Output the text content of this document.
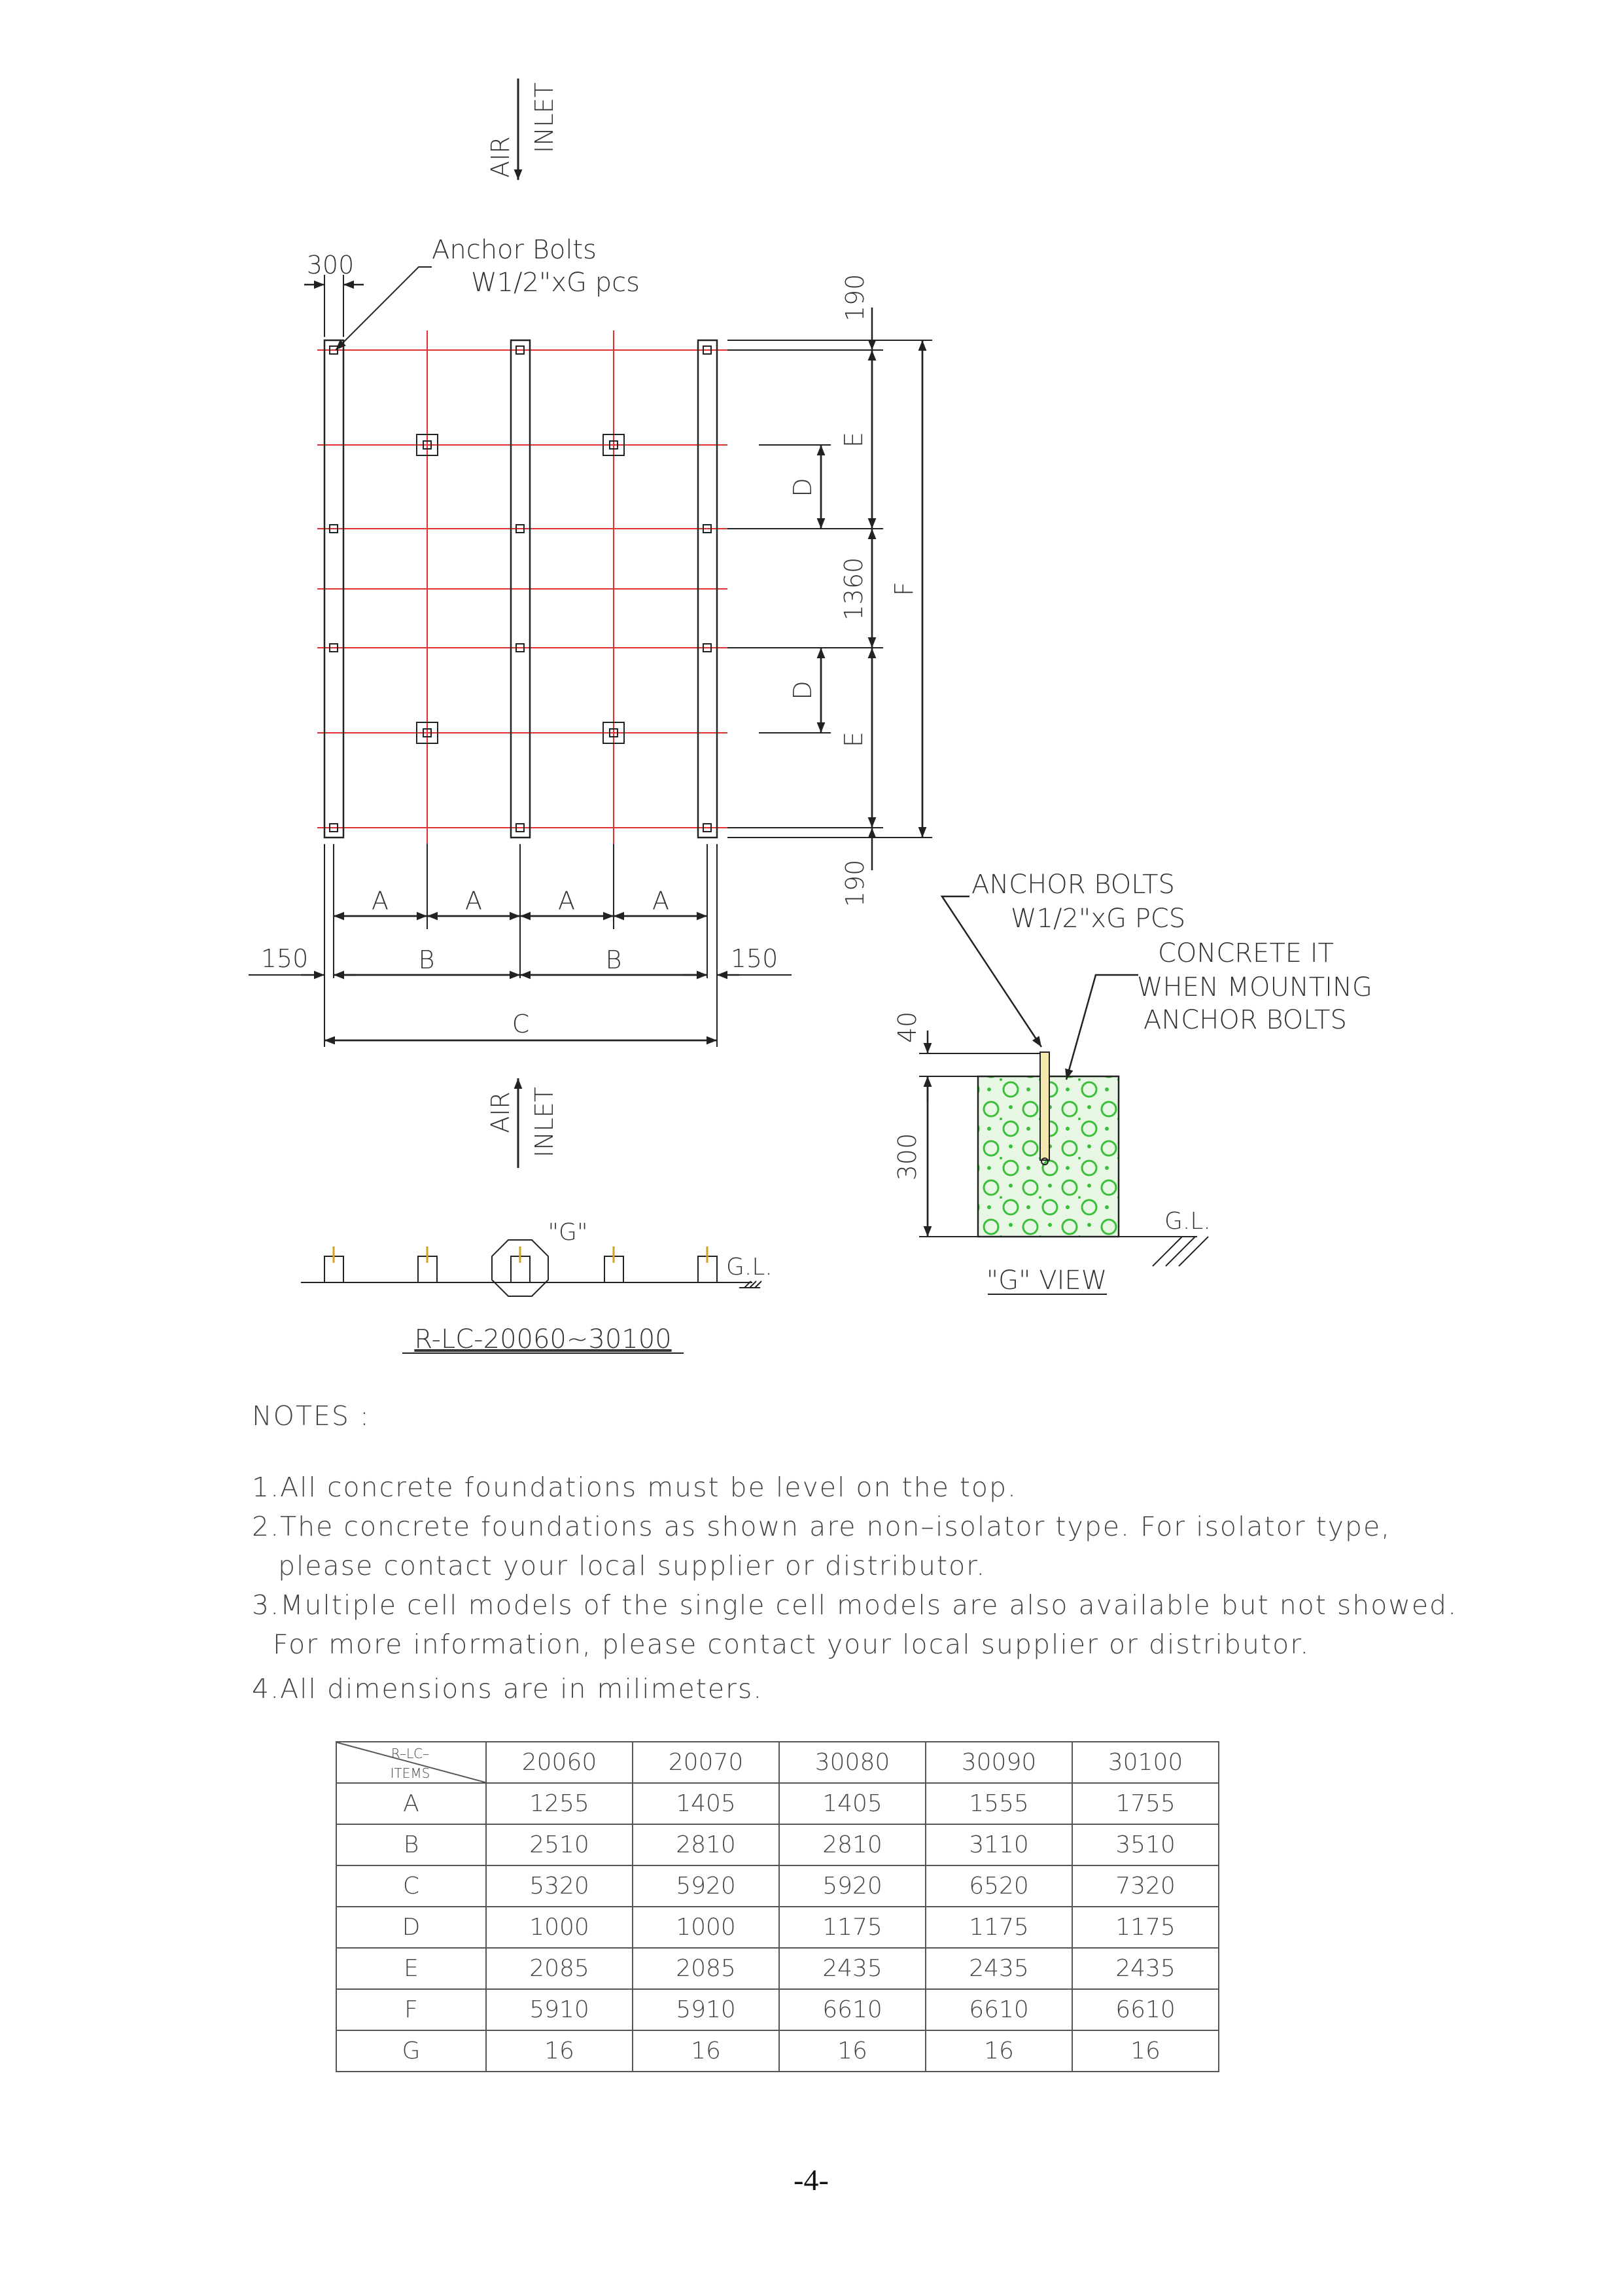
AIR
INLET
300	Anchor Bolts
W1/2"xG pcs	190
E
1360
E
190
D
D
F
A	A	A	A
B	B
150	150
C
AIR INLET
"G"
G.L.
R-LC-20060~30100
ANCHOR BOLTS
W1/2"xG PCS
CONCRETE IT
WHEN MOUNTING
ANCHOR BOLTS
40
300
G.L.
"G" VIEW
NOTES :
1.All concrete foundations must be level on the top.
2.The concrete foundations as shown are non–isolator type. For isolator type,
please contact your local supplier or distributor.
3.Multiple cell models of the single cell models are also available but not showed.
For more information, please contact your local supplier or distributor.
4.All dimensions are in milimeters.
R–LC–
ITEMS	20060	20070	30080	30090	30100
A	1255	1405	1405	1555	1755
B	2510	2810	2810	3110	3510
C	5320	5920	5920	6520	7320
D	1000	1000	1175	1175	1175
E	2085	2085	2435	2435	2435
F	5910	5910	6610	6610	6610
G	16	16	16	16	16
-4-
